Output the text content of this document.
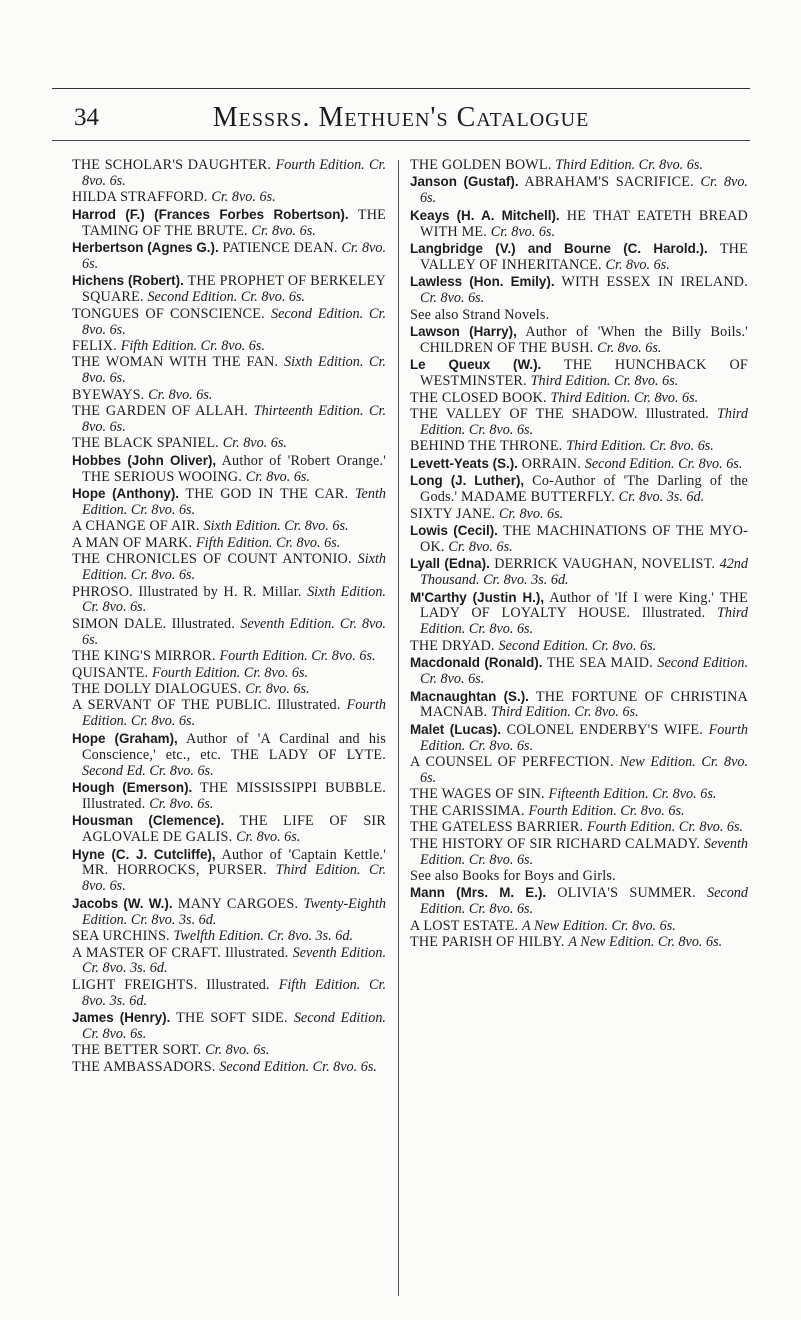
34	Messrs. Methuen's Catalogue

THE SCHOLAR'S DAUGHTER. Fourth Edition. Cr. 8vo. 6s.

HILDA STRAFFORD. Cr. 8vo. 6s.

Harrod (F.) (Frances Forbes Robertson). THE TAMING OF THE BRUTE. Cr. 8vo. 6s.

Herbertson (Agnes G.). PATIENCE DEAN. Cr. 8vo. 6s.

Hichens (Robert). THE PROPHET OF BERKELEY SQUARE. Second Edition. Cr. 8vo. 6s.

TONGUES OF CONSCIENCE. Second Edition. Cr. 8vo. 6s.

FELIX. Fifth Edition. Cr. 8vo. 6s.

THE WOMAN WITH THE FAN. Sixth Edition. Cr. 8vo. 6s.

BYEWAYS. Cr. 8vo. 6s.

THE GARDEN OF ALLAH. Thirteenth Edition. Cr. 8vo. 6s.

THE BLACK SPANIEL. Cr. 8vo. 6s.

Hobbes (John Oliver), Author of 'Robert Orange.' THE SERIOUS WOOING. Cr. 8vo. 6s.

Hope (Anthony). THE GOD IN THE CAR. Tenth Edition. Cr. 8vo. 6s.

A CHANGE OF AIR. Sixth Edition. Cr. 8vo. 6s.

A MAN OF MARK. Fifth Edition. Cr. 8vo. 6s.

THE CHRONICLES OF COUNT ANTONIO. Sixth Edition. Cr. 8vo. 6s.

PHROSO. Illustrated by H. R. Millar. Sixth Edition. Cr. 8vo. 6s.

SIMON DALE. Illustrated. Seventh Edition. Cr. 8vo. 6s.

THE KING'S MIRROR. Fourth Edition. Cr. 8vo. 6s.

QUISANTE. Fourth Edition. Cr. 8vo. 6s.

THE DOLLY DIALOGUES. Cr. 8vo. 6s.

A SERVANT OF THE PUBLIC. Illustrated. Fourth Edition. Cr. 8vo. 6s.

Hope (Graham), Author of 'A Cardinal and his Conscience,' etc., etc. THE LADY OF LYTE. Second Ed. Cr. 8vo. 6s.

Hough (Emerson). THE MISSISSIPPI BUBBLE. Illustrated. Cr. 8vo. 6s.

Housman (Clemence). THE LIFE OF SIR AGLOVALE DE GALIS. Cr. 8vo. 6s.

Hyne (C. J. Cutcliffe), Author of 'Captain Kettle.' MR. HORROCKS, PURSER. Third Edition. Cr. 8vo. 6s.

Jacobs (W. W.). MANY CARGOES. Twenty-Eighth Edition. Cr. 8vo. 3s. 6d.

SEA URCHINS. Twelfth Edition. Cr. 8vo. 3s. 6d.

A MASTER OF CRAFT. Illustrated. Seventh Edition. Cr. 8vo. 3s. 6d.

LIGHT FREIGHTS. Illustrated. Fifth Edition. Cr. 8vo. 3s. 6d.

James (Henry). THE SOFT SIDE. Second Edition. Cr. 8vo. 6s.

THE BETTER SORT. Cr. 8vo. 6s.

THE AMBASSADORS. Second Edition. Cr. 8vo. 6s.

THE GOLDEN BOWL. Third Edition. Cr. 8vo. 6s.

Janson (Gustaf). ABRAHAM'S SACRIFICE. Cr. 8vo. 6s.

Keays (H. A. Mitchell). HE THAT EATETH BREAD WITH ME. Cr. 8vo. 6s.

Langbridge (V.) and Bourne (C. Harold.). THE VALLEY OF INHERITANCE. Cr. 8vo. 6s.

Lawless (Hon. Emily). WITH ESSEX IN IRELAND. Cr. 8vo. 6s.

See also Strand Novels.

Lawson (Harry), Author of 'When the Billy Boils.' CHILDREN OF THE BUSH. Cr. 8vo. 6s.

Le Queux (W.). THE HUNCHBACK OF WESTMINSTER. Third Edition. Cr. 8vo. 6s.

THE CLOSED BOOK. Third Edition. Cr. 8vo. 6s.

THE VALLEY OF THE SHADOW. Illustrated. Third Edition. Cr. 8vo. 6s.

BEHIND THE THRONE. Third Edition. Cr. 8vo. 6s.

Levett-Yeats (S.). ORRAIN. Second Edition. Cr. 8vo. 6s.

Long (J. Luther), Co-Author of 'The Darling of the Gods.' MADAME BUTTERFLY. Cr. 8vo. 3s. 6d.

SIXTY JANE. Cr. 8vo. 6s.

Lowis (Cecil). THE MACHINATIONS OF THE MYO-OK. Cr. 8vo. 6s.

Lyall (Edna). DERRICK VAUGHAN, NOVELIST. 42nd Thousand. Cr. 8vo. 3s. 6d.

M'Carthy (Justin H.), Author of 'If I were King.' THE LADY OF LOYALTY HOUSE. Illustrated. Third Edition. Cr. 8vo. 6s.

THE DRYAD. Second Edition. Cr. 8vo. 6s.

Macdonald (Ronald). THE SEA MAID. Second Edition. Cr. 8vo. 6s.

Macnaughtan (S.). THE FORTUNE OF CHRISTINA MACNAB. Third Edition. Cr. 8vo. 6s.

Malet (Lucas). COLONEL ENDERBY'S WIFE. Fourth Edition. Cr. 8vo. 6s.

A COUNSEL OF PERFECTION. New Edition. Cr. 8vo. 6s.

THE WAGES OF SIN. Fifteenth Edition. Cr. 8vo. 6s.

THE CARISSIMA. Fourth Edition. Cr. 8vo. 6s.

THE GATELESS BARRIER. Fourth Edition. Cr. 8vo. 6s.

THE HISTORY OF SIR RICHARD CALMADY. Seventh Edition. Cr. 8vo. 6s.

See also Books for Boys and Girls.

Mann (Mrs. M. E.). OLIVIA'S SUMMER. Second Edition. Cr. 8vo. 6s.

A LOST ESTATE. A New Edition. Cr. 8vo. 6s.

THE PARISH OF HILBY. A New Edition. Cr. 8vo. 6s.
